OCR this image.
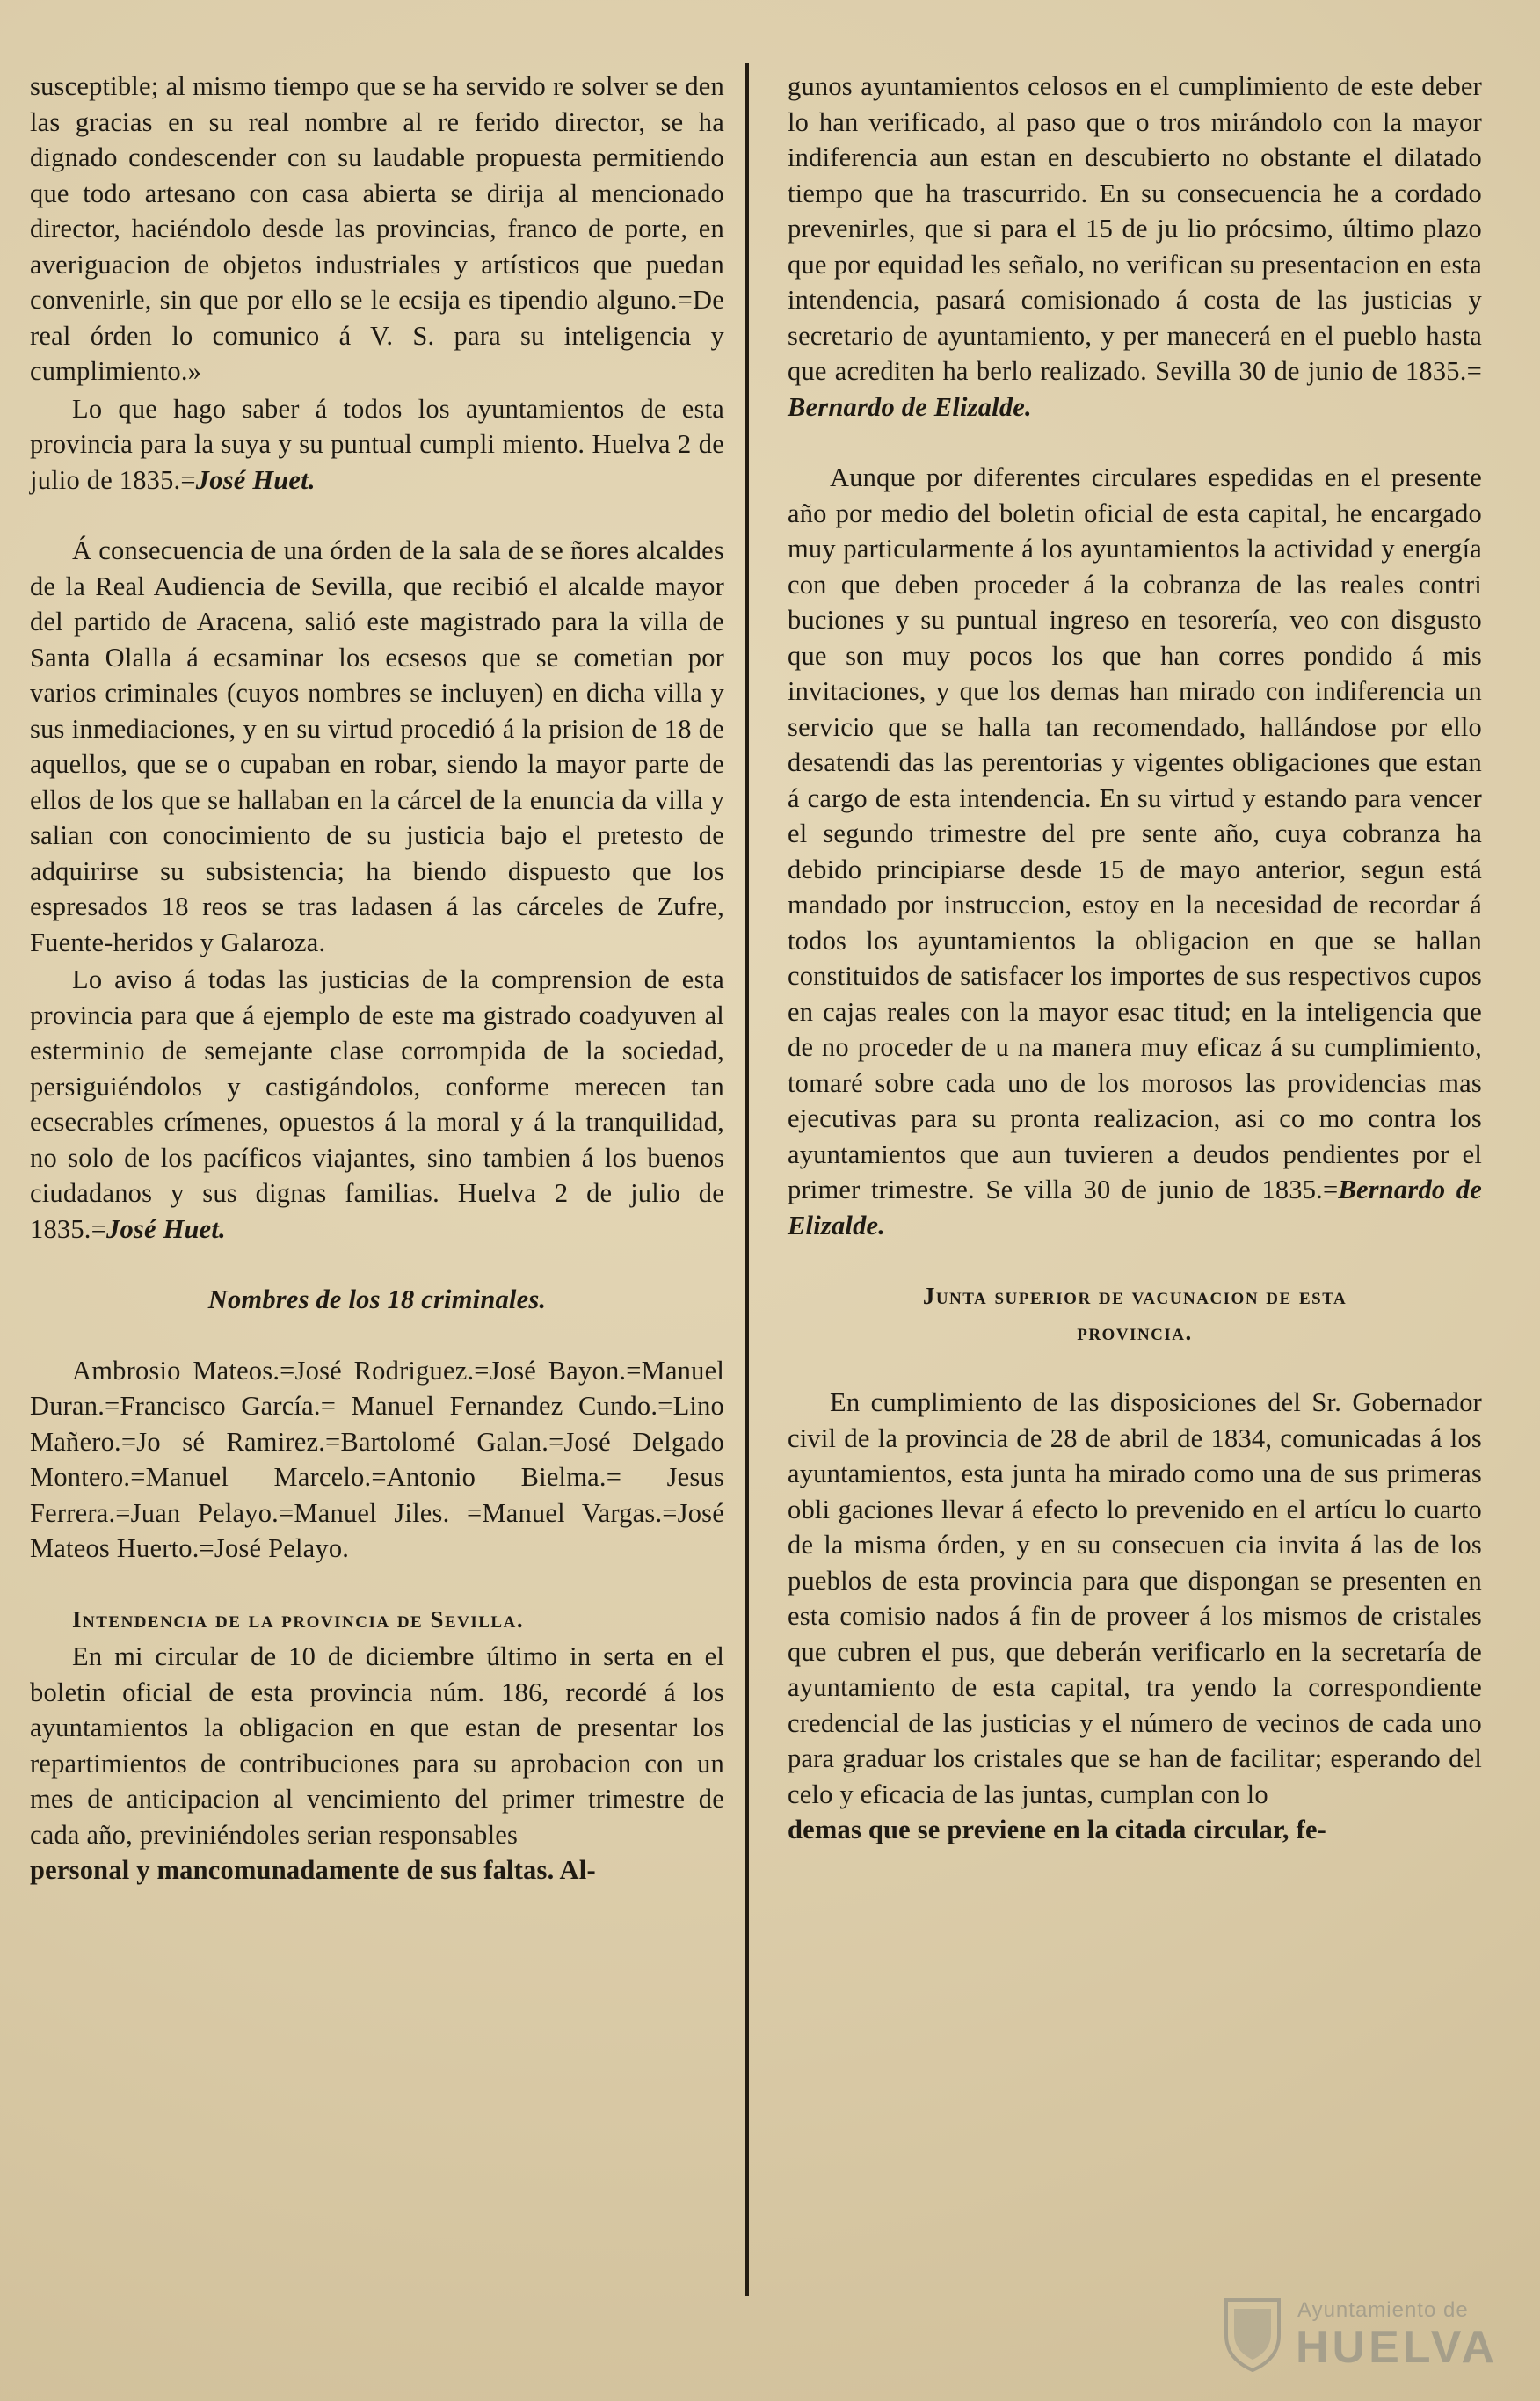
susceptible; al mismo tiempo que se ha servido re solver se den las gracias en su real nombre al re ferido director, se ha dignado condescender con su laudable propuesta permitiendo que todo artesano con casa abierta se dirija al mencionado director, haciéndolo desde las provincias, franco de porte, en averiguacion de objetos industriales y artísticos que puedan convenirle, sin que por ello se le ecsija es tipendio alguno.=De real órden lo comunico á V. S. para su inteligencia y cumplimiento.»

Lo que hago saber á todos los ayuntamientos de esta provincia para la suya y su puntual cumpli miento. Huelva 2 de julio de 1835.=José Huet.

Á consecuencia de una órden de la sala de se ñores alcaldes de la Real Audiencia de Sevilla, que recibió el alcalde mayor del partido de Aracena, salió este magistrado para la villa de Santa Olalla á ecsaminar los ecsesos que se cometian por varios criminales (cuyos nombres se incluyen) en dicha villa y sus inmediaciones, y en su virtud procedió á la prision de 18 de aquellos, que se o cupaban en robar, siendo la mayor parte de ellos de los que se hallaban en la cárcel de la enuncia da villa y salian con conocimiento de su justicia bajo el pretesto de adquirirse su subsistencia; ha biendo dispuesto que los espresados 18 reos se tras ladasen á las cárceles de Zufre, Fuente-heridos y Galaroza.

Lo aviso á todas las justicias de la comprension de esta provincia para que á ejemplo de este ma gistrado coadyuven al esterminio de semejante clase corrompida de la sociedad, persiguiéndolos y castigándolos, conforme merecen tan ecsecrables crímenes, opuestos á la moral y á la tranquilidad, no solo de los pacíficos viajantes, sino tambien á los buenos ciudadanos y sus dignas familias. Huelva 2 de julio de 1835.=José Huet.

Nombres de los 18 criminales.

Ambrosio Mateos.=José Rodriguez.=José Bayon.=Manuel Duran.=Francisco García.= Manuel Fernandez Cundo.=Lino Mañero.=Jo sé Ramirez.=Bartolomé Galan.=José Delgado Montero.=Manuel Marcelo.=Antonio Bielma.= Jesus Ferrera.=Juan Pelayo.=Manuel Jiles. =Manuel Vargas.=José Mateos Huerto.=José Pelayo.

Intendencia de la provincia de Sevilla.

En mi circular de 10 de diciembre último in serta en el boletin oficial de esta provincia núm. 186, recordé á los ayuntamientos la obligacion en que estan de presentar los repartimientos de contribuciones para su aprobacion con un mes de anticipacion al vencimiento del primer trimestre de cada año, previniéndoles serian responsables

personal y mancomunadamente de sus faltas. Al-

gunos ayuntamientos celosos en el cumplimiento de este deber lo han verificado, al paso que o tros mirándolo con la mayor indiferencia aun estan en descubierto no obstante el dilatado tiempo que ha trascurrido. En su consecuencia he a cordado prevenirles, que si para el 15 de ju lio prócsimo, último plazo que por equidad les señalo, no verifican su presentacion en esta intendencia, pasará comisionado á costa de las justicias y secretario de ayuntamiento, y per manecerá en el pueblo hasta que acrediten ha berlo realizado. Sevilla 30 de junio de 1835.= Bernardo de Elizalde.

Aunque por diferentes circulares espedidas en el presente año por medio del boletin oficial de esta capital, he encargado muy particularmente á los ayuntamientos la actividad y energía con que deben proceder á la cobranza de las reales contri buciones y su puntual ingreso en tesorería, veo con disgusto que son muy pocos los que han corres pondido á mis invitaciones, y que los demas han mirado con indiferencia un servicio que se halla tan recomendado, hallándose por ello desatendi das las perentorias y vigentes obligaciones que estan á cargo de esta intendencia. En su virtud y estando para vencer el segundo trimestre del pre sente año, cuya cobranza ha debido principiarse desde 15 de mayo anterior, segun está mandado por instruccion, estoy en la necesidad de recordar á todos los ayuntamientos la obligacion en que se hallan constituidos de satisfacer los importes de sus respectivos cupos en cajas reales con la mayor esac titud; en la inteligencia que de no proceder de u na manera muy eficaz á su cumplimiento, tomaré sobre cada uno de los morosos las providencias mas ejecutivas para su pronta realizacion, asi co mo contra los ayuntamientos que aun tuvieren a deudos pendientes por el primer trimestre. Se villa 30 de junio de 1835.=Bernardo de Elizalde.

Junta superior de vacunacion de esta

provincia.

En cumplimiento de las disposiciones del Sr. Gobernador civil de la provincia de 28 de abril de 1834, comunicadas á los ayuntamientos, esta junta ha mirado como una de sus primeras obli gaciones llevar á efecto lo prevenido en el artícu lo cuarto de la misma órden, y en su consecuen cia invita á las de los pueblos de esta provincia para que dispongan se presenten en esta comisio nados á fin de proveer á los mismos de cristales que cubren el pus, que deberán verificarlo en la secretaría de ayuntamiento de esta capital, tra yendo la correspondiente credencial de las justicias y el número de vecinos de cada uno para graduar los cristales que se han de facilitar; esperando del celo y eficacia de las juntas, cumplan con lo

demas que se previene en la citada circular, fe-

Ayuntamiento de
HUELVA
